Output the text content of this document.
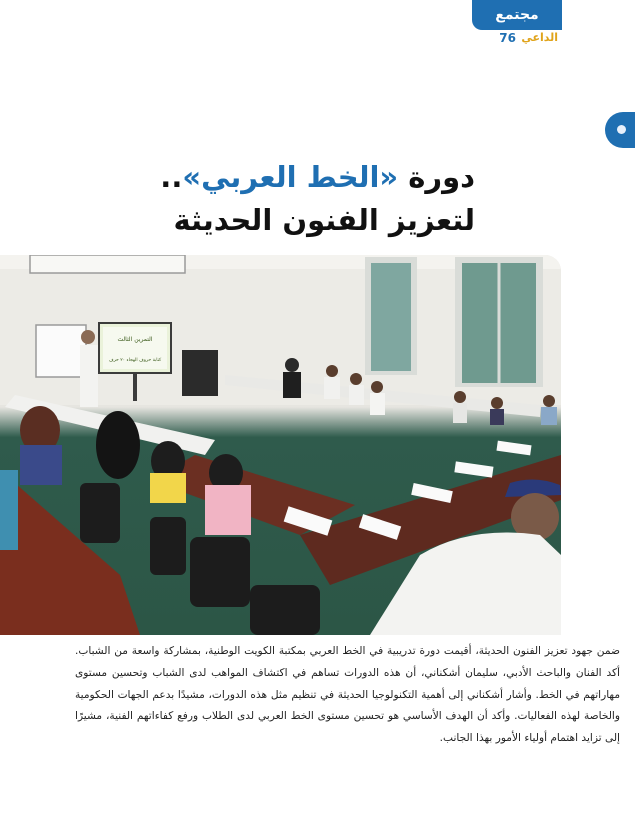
مجتمع
الداعي
76
دورة «الخط العربي»..
لتعزيز الفنون الحديثة
التمرين الثالث
كتابة حروف الهجاء ٢٠ حرف
ضمن جهود تعزيز الفنون الحديثة، أقيمت دورة تدريبية في الخط العربي بمكتبة الكويت الوطنية، بمشاركة واسعة من الشباب. أكد الفنان والباحث الأدبي، سليمان أشكناني، أن هذه الدورات تساهم في اكتشاف المواهب لدى الشباب وتحسين مستوى مهاراتهم في الخط. وأشار أشكناني إلى أهمية التكنولوجيا الحديثة في تنظيم مثل هذه الدورات، مشيدًا بدعم الجهات الحكومية والخاصة لهذه الفعاليات. وأكد أن الهدف الأساسي هو تحسين مستوى الخط العربي لدى الطلاب ورفع كفاءاتهم الفنية، مشيرًا إلى تزايد اهتمام أولياء الأمور بهذا الجانب.
